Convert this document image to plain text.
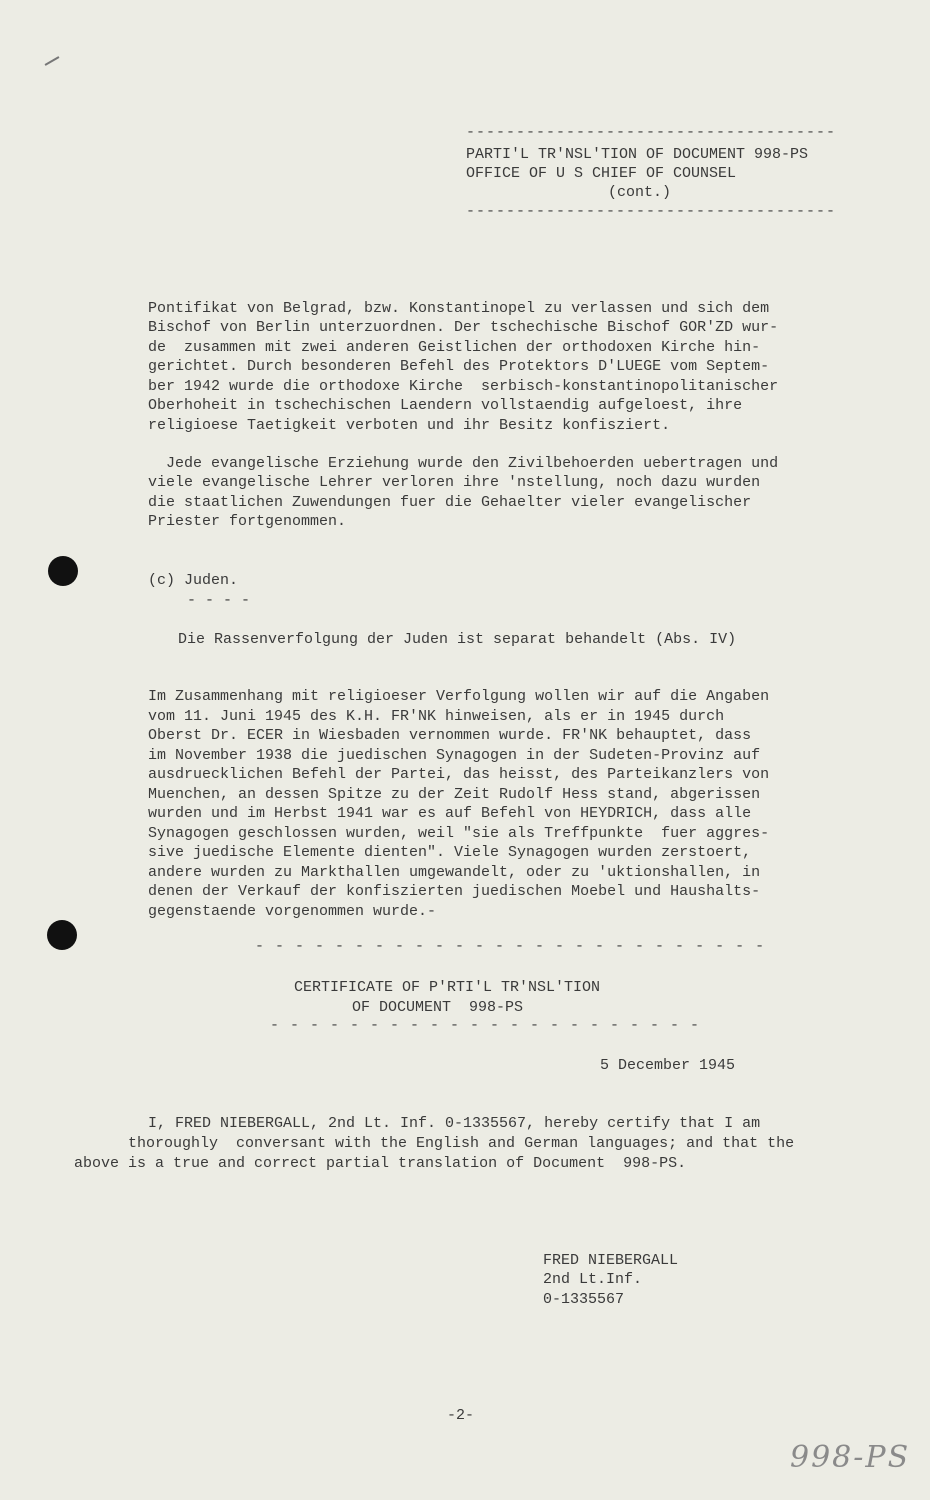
-------------------------------------
PARTI'L TR'NSL'TION OF DOCUMENT 998-PS
OFFICE OF U S CHIEF OF COUNSEL
(cont.)
-------------------------------------
Pontifikat von Belgrad, bzw. Konstantinopel zu verlassen und sich dem
Bischof von Berlin unterzuordnen. Der tschechische Bischof GOR'ZD wur-
de  zusammen mit zwei anderen Geistlichen der orthodoxen Kirche hin-
gerichtet. Durch besonderen Befehl des Protektors D'LUEGE vom Septem-
ber 1942 wurde die orthodoxe Kirche  serbisch-konstantinopolitanischer
Oberhoheit in tschechischen Laendern vollstaendig aufgeloest, ihre
religioese Taetigkeit verboten und ihr Besitz konfisziert.
Jede evangelische Erziehung wurde den Zivilbehoerden uebertragen und
viele evangelische Lehrer verloren ihre 'nstellung, noch dazu wurden
die staatlichen Zuwendungen fuer die Gehaelter vieler evangelischer
Priester fortgenommen.
(c) Juden.
- - - -
Die Rassenverfolgung der Juden ist separat behandelt (Abs. IV)
Im Zusammenhang mit religioeser Verfolgung wollen wir auf die Angaben
vom 11. Juni 1945 des K.H. FR'NK hinweisen, als er in 1945 durch
Oberst Dr. ECER in Wiesbaden vernommen wurde. FR'NK behauptet, dass
im November 1938 die juedischen Synagogen in der Sudeten-Provinz auf
ausdruecklichen Befehl der Partei, das heisst, des Parteikanzlers von
Muenchen, an dessen Spitze zu der Zeit Rudolf Hess stand, abgerissen
wurden und im Herbst 1941 war es auf Befehl von HEYDRICH, dass alle
Synagogen geschlossen wurden, weil "sie als Treffpunkte  fuer aggres-
sive juedische Elemente dienten". Viele Synagogen wurden zerstoert,
andere wurden zu Markthallen umgewandelt, oder zu 'uktionshallen, in
denen der Verkauf der konfiszierten juedischen Moebel und Haushalts-
gegenstaende vorgenommen wurde.-
- - - - - - - - - - - - - - - - - - - - - - - - - -
CERTIFICATE OF P'RTI'L TR'NSL'TION
OF DOCUMENT  998-PS
- - - - - - - - - - - - - - - - - - - - - -
5 December 1945
I, FRED NIEBERGALL, 2nd Lt. Inf. 0-1335567, hereby certify that I am
thoroughly  conversant with the English and German languages; and that the
above is a true and correct partial translation of Document  998-PS.
FRED NIEBERGALL
2nd Lt.Inf.
0-1335567
-2-
998-PS
